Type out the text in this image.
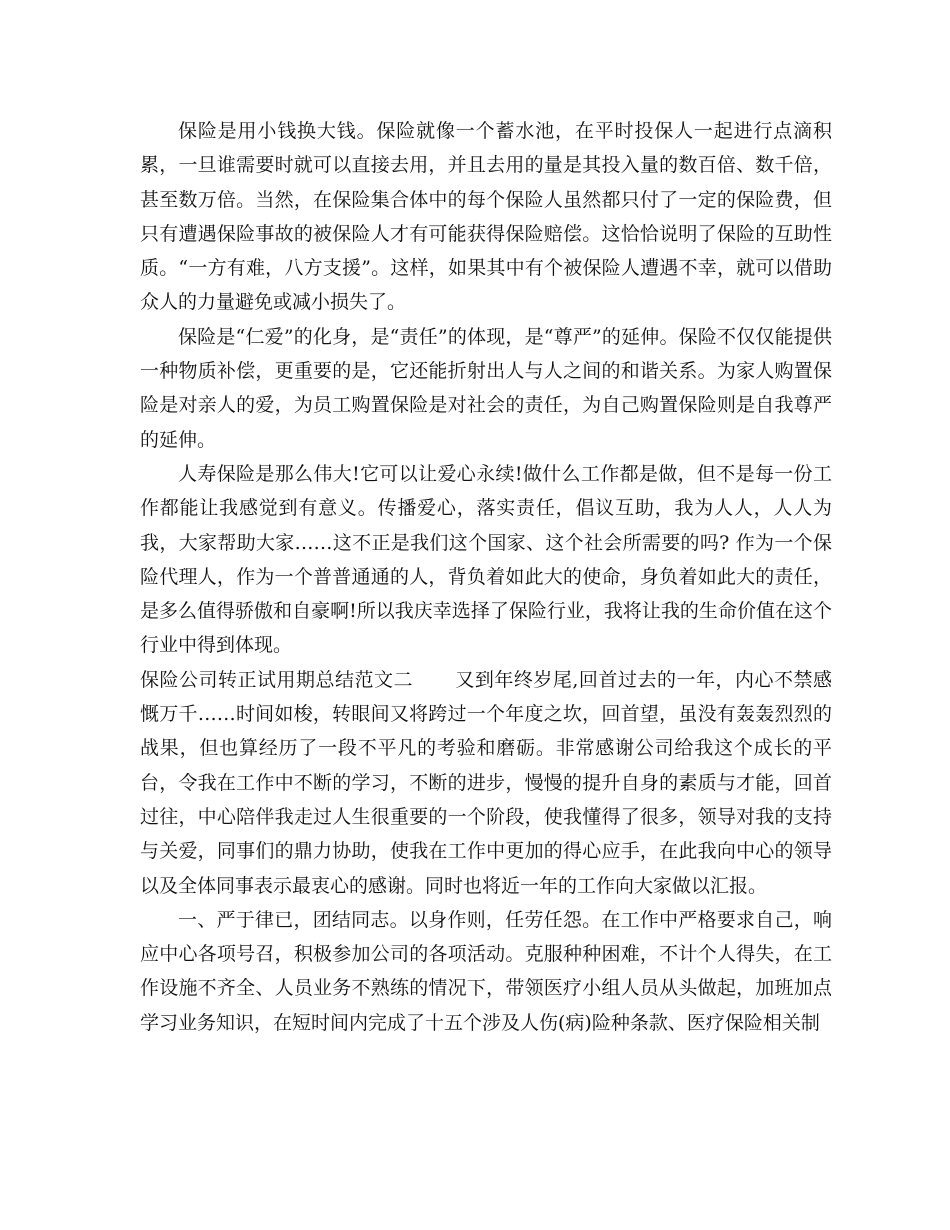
保险是用小钱换大钱。保险就像一个蓄水池，在平时投保人一起进行点滴积累，一旦谁需要时就可以直接去用，并且去用的量是其投入量的数百倍、数千倍，甚至数万倍。当然，在保险集合体中的每个保险人虽然都只付了一定的保险费，但只有遭遇保险事故的被保险人才有可能获得保险赔偿。这恰恰说明了保险的互助性质。“一方有难，八方支援”。这样，如果其中有个被保险人遭遇不幸，就可以借助众人的力量避免或减小损失了。

保险是“仁爱”的化身，是“责任”的体现，是“尊严”的延伸。保险不仅仅能提供一种物质补偿，更重要的是，它还能折射出人与人之间的和谐关系。为家人购置保险是对亲人的爱，为员工购置保险是对社会的责任，为自己购置保险则是自我尊严的延伸。

人寿保险是那么伟大!它可以让爱心永续!做什么工作都是做，但不是每一份工作都能让我感觉到有意义。传播爱心，落实责任，倡议互助，我为人人，人人为我，大家帮助大家……这不正是我们这个国家、这个社会所需要的吗? 作为一个保险代理人，作为一个普普通通的人，背负着如此大的使命，身负着如此大的责任，是多么值得骄傲和自豪啊!所以我庆幸选择了保险行业，我将让我的生命价值在这个行业中得到体现。

保险公司转正试用期总结范文二 又到年终岁尾,回首过去的一年，内心不禁感慨万千……时间如梭，转眼间又将跨过一个年度之坎，回首望，虽没有轰轰烈烈的战果，但也算经历了一段不平凡的考验和磨砺。非常感谢公司给我这个成长的平台，令我在工作中不断的学习，不断的进步，慢慢的提升自身的素质与才能，回首过往，中心陪伴我走过人生很重要的一个阶段，使我懂得了很多，领导对我的支持与关爱，同事们的鼎力协助，使我在工作中更加的得心应手，在此我向中心的领导以及全体同事表示最衷心的感谢。同时也将近一年的工作向大家做以汇报。

一、严于律已，团结同志。以身作则，任劳任怨。在工作中严格要求自己，响应中心各项号召，积极参加公司的各项活动。克服种种困难，不计个人得失，在工作设施不齐全、人员业务不熟练的情况下，带领医疗小组人员从头做起，加班加点学习业务知识，在短时间内完成了十五个涉及人伤(病)险种条款、医疗保险相关制
